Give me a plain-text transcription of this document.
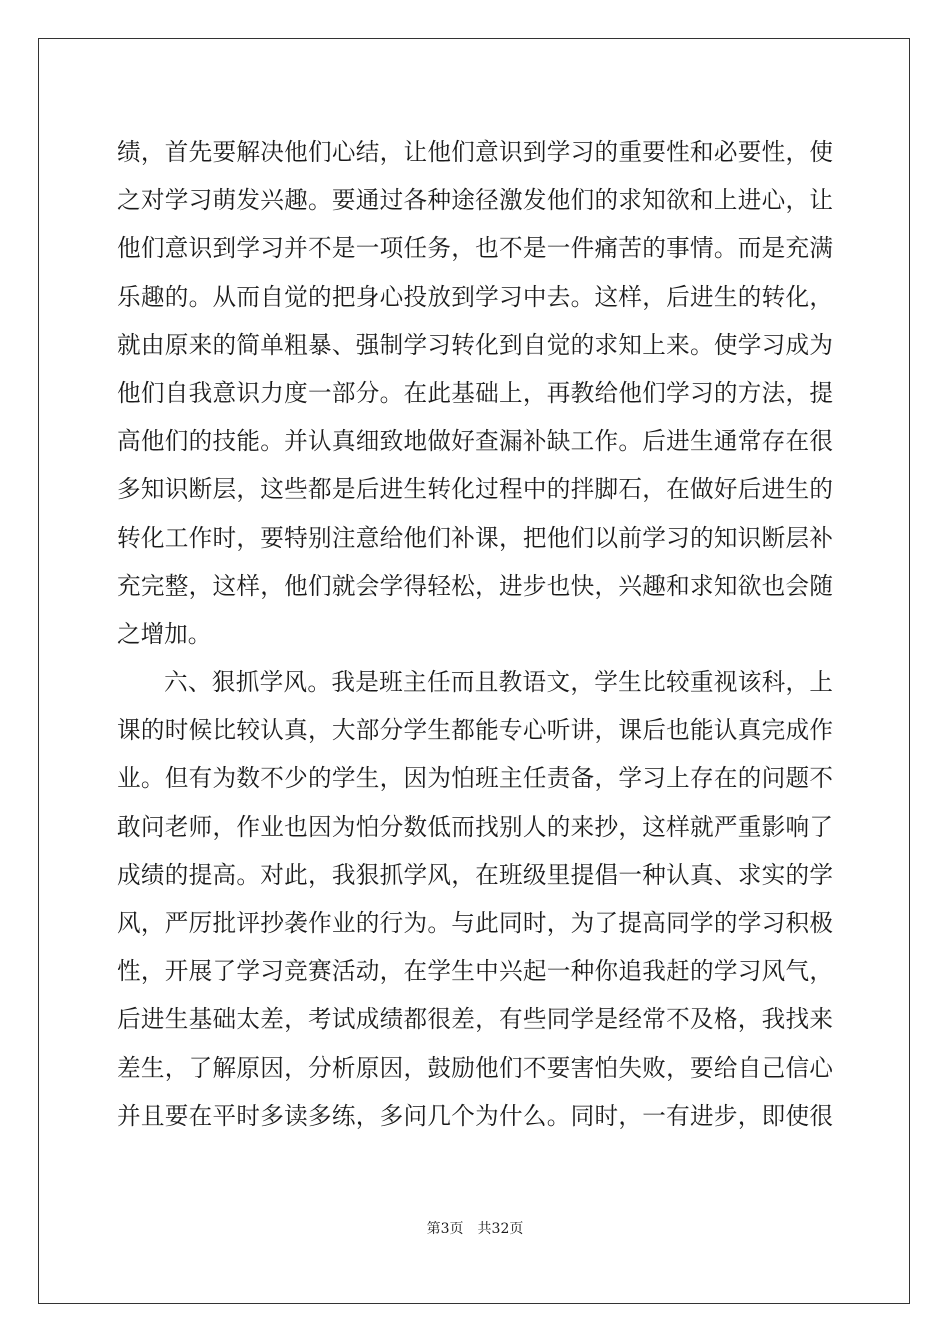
绩，首先要解决他们心结，让他们意识到学习的重要性和必要性，使
之对学习萌发兴趣。要通过各种途径激发他们的求知欲和上进心，让
他们意识到学习并不是一项任务，也不是一件痛苦的事情。而是充满
乐趣的。从而自觉的把身心投放到学习中去。这样，后进生的转化，
就由原来的简单粗暴、强制学习转化到自觉的求知上来。使学习成为
他们自我意识力度一部分。在此基础上，再教给他们学习的方法，提
高他们的技能。并认真细致地做好查漏补缺工作。后进生通常存在很
多知识断层，这些都是后进生转化过程中的拌脚石，在做好后进生的
转化工作时，要特别注意给他们补课，把他们以前学习的知识断层补
充完整，这样，他们就会学得轻松，进步也快，兴趣和求知欲也会随
之增加。
六、狠抓学风。我是班主任而且教语文，学生比较重视该科，上
课的时候比较认真，大部分学生都能专心听讲，课后也能认真完成作
业。但有为数不少的学生，因为怕班主任责备，学习上存在的问题不
敢问老师，作业也因为怕分数低而找别人的来抄，这样就严重影响了
成绩的提高。对此，我狠抓学风，在班级里提倡一种认真、求实的学
风，严厉批评抄袭作业的行为。与此同时，为了提高同学的学习积极
性，开展了学习竞赛活动，在学生中兴起一种你追我赶的学习风气，
后进生基础太差，考试成绩都很差，有些同学是经常不及格，我找来
差生，了解原因，分析原因，鼓励他们不要害怕失败，要给自己信心
并且要在平时多读多练，多问几个为什么。同时，一有进步，即使很
第3页 共32页
